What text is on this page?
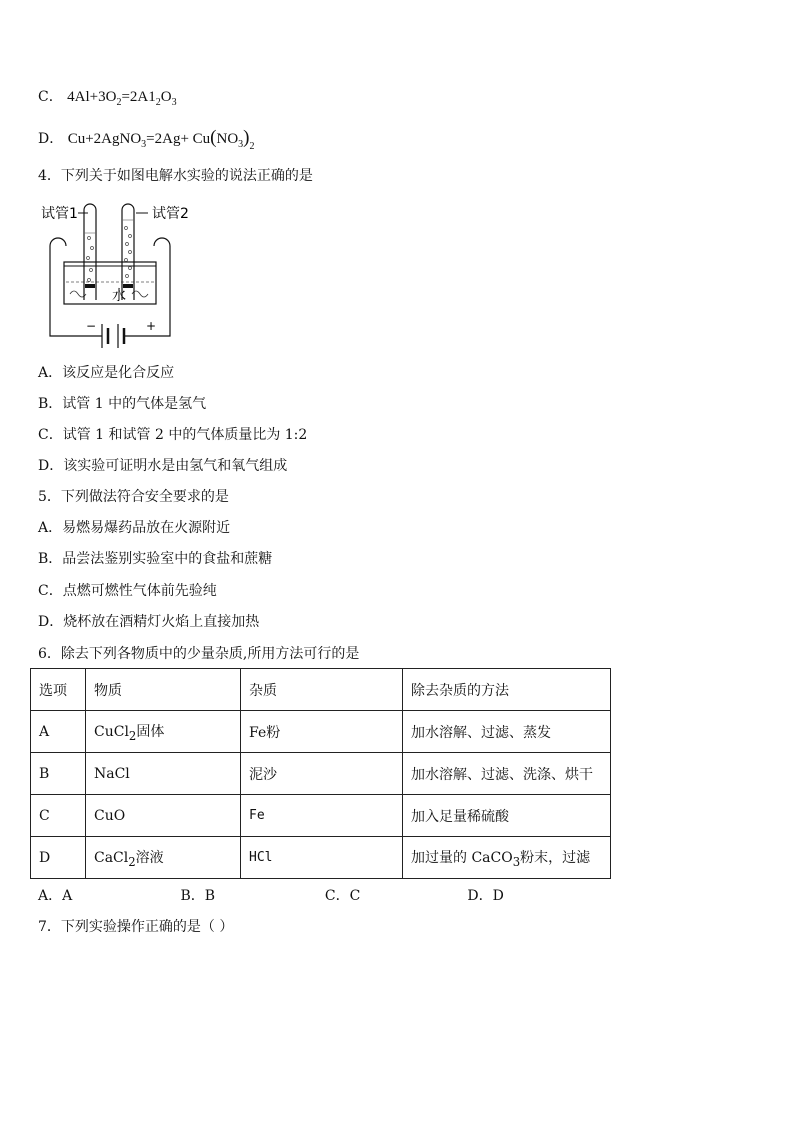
C． $4Al+3O_2=2A1_2O_3$
D． Cu+2AgNO$_3$=2Ag+ $Cu(NO_3)_2$
4．下列关于如图电解水实验的说法正确的是
试管1	试管2
水
−	+
A．该反应是化合反应
B．试管 1 中的气体是氢气
C．试管 1 和试管 2 中的气体质量比为 1:2
D．该实验可证明水是由氢气和氧气组成
5．下列做法符合安全要求的是
A．易燃易爆药品放在火源附近
B．品尝法鉴别实验室中的食盐和蔗糖
C．点燃可燃性气体前先验纯
D．烧杯放在酒精灯火焰上直接加热
6．除去下列各物质中的少量杂质,所用方法可行的是
选项	物质	杂质	除去杂质的方法
A	CuCl$_2$固体	Fe粉	加水溶解、过滤、蒸发
B	NaCl	泥沙	加水溶解、过滤、洗涤、烘干
C	CuO	Fe	加入足量稀硫酸
D	CaCl$_2$溶液	HCl	加过量的 CaCO$_3$粉末，过滤
A．A	B．B	C．C	D．D
7．下列实验操作正确的是（ ）
